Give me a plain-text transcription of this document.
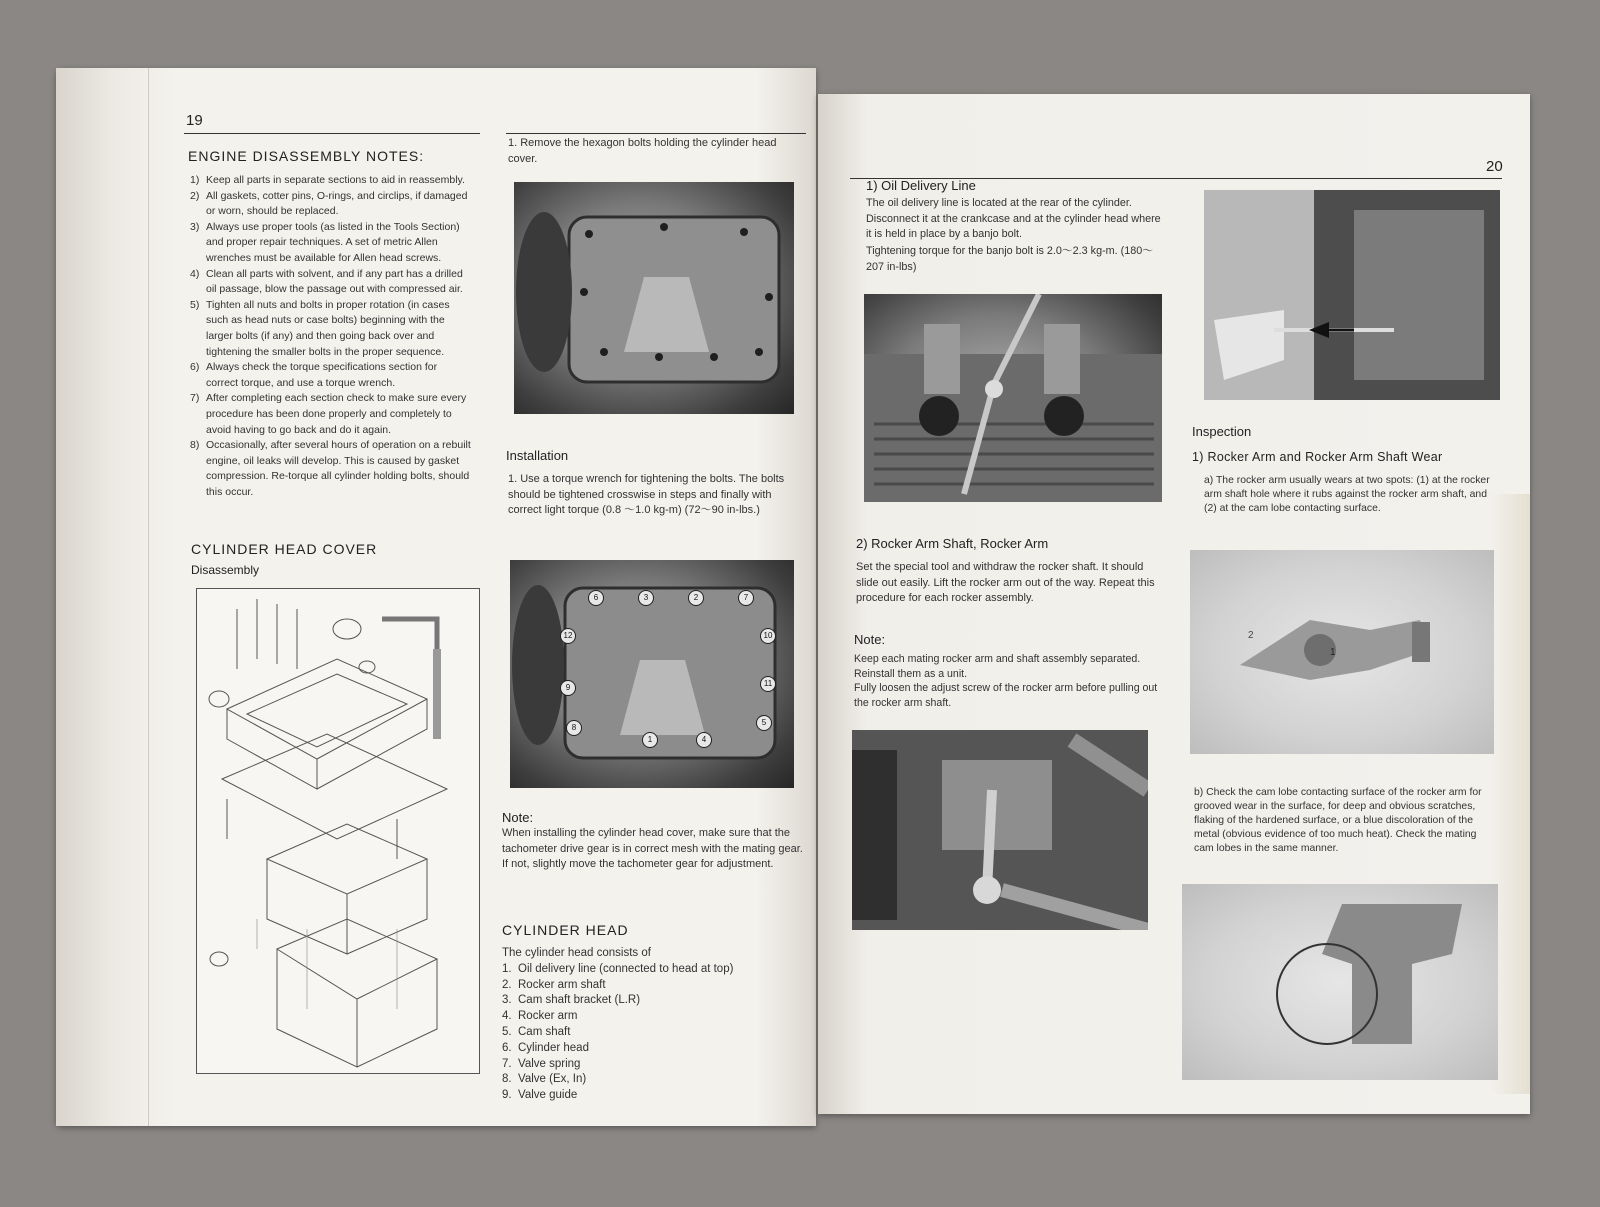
19
ENGINE DISASSEMBLY NOTES:
1) Keep all parts in separate sections to aid in reassembly.
2) All gaskets, cotter pins, O-rings, and circlips, if damaged or worn, should be replaced.
3) Always use proper tools (as listed in the Tools Section) and proper repair techniques. A set of metric Allen wrenches must be available for Allen head screws.
4) Clean all parts with solvent, and if any part has a drilled oil passage, blow the passage out with compressed air.
5) Tighten all nuts and bolts in proper rotation (in cases such as head nuts or case bolts) beginning with the larger bolts (if any) and then going back over and tightening the smaller bolts in the proper sequence.
6) Always check the torque specifications section for correct torque, and use a torque wrench.
7) After completing each section check to make sure every procedure has been done properly and completely to avoid having to go back and do it again.
8) Occasionally, after several hours of operation on a rebuilt engine, oil leaks will develop. This is caused by gasket compression. Re-torque all cylinder holding bolts, should this occur.
CYLINDER HEAD COVER
Disassembly
1. Remove the hexagon bolts holding the cylinder head cover.
Installation
1. Use a torque wrench for tightening the bolts. The bolts should be tightened crosswise in steps and finally with correct light torque (0.8 ～1.0 kg-m) (72～90 in-lbs.)
1
2
3
4
5
6	7
8
9
10
11
12
Note:
When installing the cylinder head cover, make sure that the tachometer drive gear is in correct mesh with the mating gear. If not, slightly move the tachometer gear for adjustment.
CYLINDER HEAD
The cylinder head consists of
1. Oil delivery line (connected to head at top)
2. Rocker arm shaft
3. Cam shaft bracket (L.R)
4. Rocker arm
5. Cam shaft
6. Cylinder head
7. Valve spring
8. Valve (Ex, In)
9. Valve guide
20
1) Oil Delivery Line
The oil delivery line is located at the rear of the cylinder. Disconnect it at the crankcase and at the cylinder head where it is held in place by a banjo bolt.
Tightening torque for the banjo bolt is 2.0～2.3 kg-m. (180～207 in-lbs)
2) Rocker Arm Shaft, Rocker Arm
Set the special tool and withdraw the rocker shaft. It should slide out easily. Lift the rocker arm out of the way. Repeat this procedure for each rocker assembly.
Note:
Keep each mating rocker arm and shaft assembly separated.
Reinstall them as a unit.
Fully loosen the adjust screw of the rocker arm before pulling out the rocker arm shaft.
Inspection
1) Rocker Arm and Rocker Arm Shaft Wear
a) The rocker arm usually wears at two spots: (1) at the rocker arm shaft hole where it rubs against the rocker arm shaft, and (2) at the cam lobe contacting surface.
2
1
b) Check the cam lobe contacting surface of the rocker arm for grooved wear in the surface, for deep and obvious scratches, flaking of the hardened surface, or a blue discoloration of the metal (obvious evidence of too much heat). Check the mating cam lobes in the same manner.
